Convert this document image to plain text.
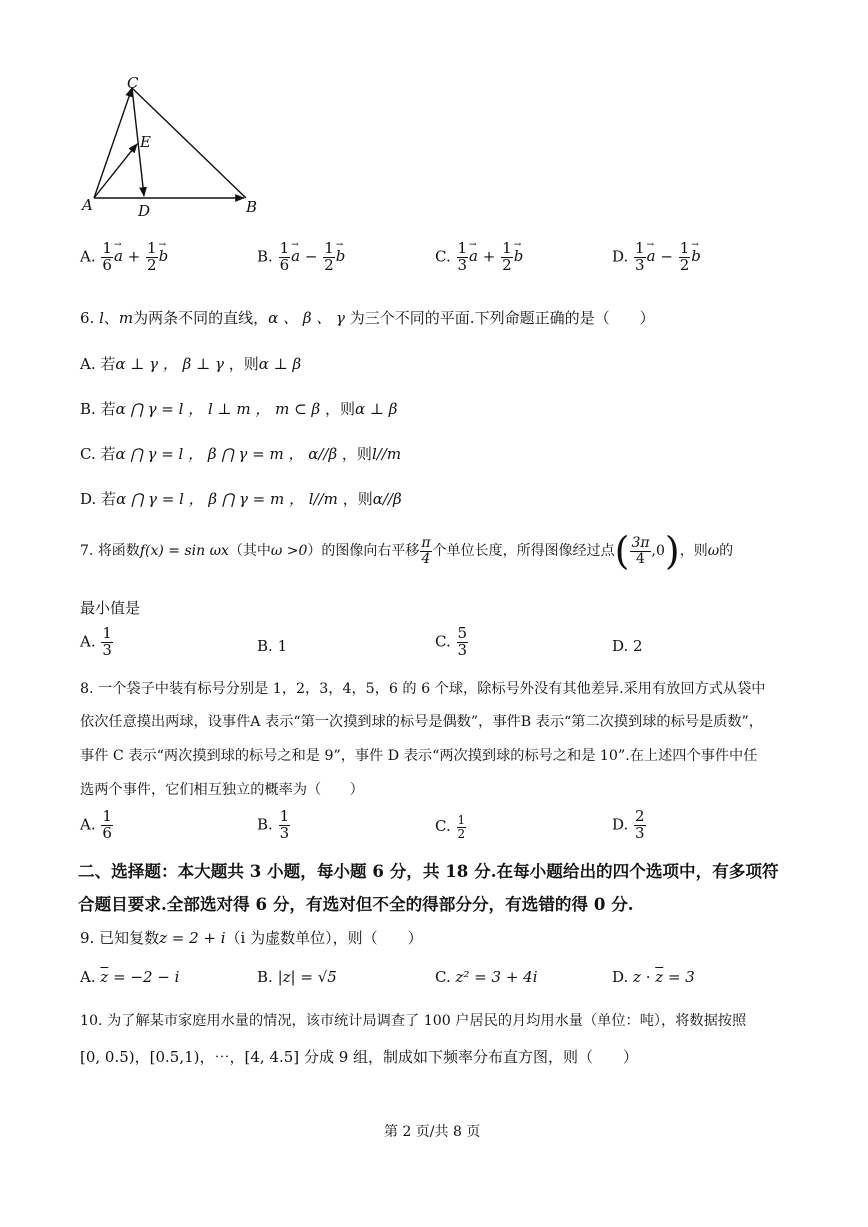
C
E
A	D	B
A. $\frac{1}{6} \to a + \frac{1}{2} \to b$	B. $\frac{1}{6} \to a - \frac{1}{2} \to b$	C. $\frac{1}{3} \to a + \frac{1}{2} \to b$	D. $\frac{1}{3} \to a - \frac{1}{2} \to b$
6. l、m为两条不同的直线，α 、 β 、 γ 为三个不同的平面.下列命题正确的是（　　）
A. 若α ⊥ γ ， β ⊥ γ ，则α ⊥ β
B. 若α ⋂ γ = l ， l ⊥ m ， m ⊂ β ，则α ⊥ β
C. 若α ⋂ γ = l ， β ⋂ γ = m ， α//β ，则l//m
D. 若α ⋂ γ = l ， β ⋂ γ = m ， l//m ，则α//β
7. 将函数f(x) = sin ωx（其中ω >0）的图像向右平移 $\frac{\pi}{4}$ 个单位长度，所得图像经过点( $\frac{3\pi}{4} ,0$)，则ω的
最小值是
A. $\frac{1}{3}$	B. 1	C. $\frac{5}{3}$	D. 2
8. 一个袋子中装有标号分别是 1，2，3，4，5，6 的 6 个球，除标号外没有其他差异.采用有放回方式从袋中
依次任意摸出两球，设事件A 表示“第一次摸到球的标号是偶数”，事件B 表示“第二次摸到球的标号是质数”，
事件 C 表示“两次摸到球的标号之和是 9”，事件 D 表示“两次摸到球的标号之和是 10”.在上述四个事件中任
选两个事件，它们相互独立的概率为（　　）
A. $\frac{1}{6}$	B. $\frac{1}{3}$	C. $\frac{1}{2}$	D. $\frac{2}{3}$
二、选择题：本大题共 3 小题，每小题 6 分，共 18 分.在每小题给出的四个选项中，有多项符
合题目要求.全部选对得 6 分，有选对但不全的得部分分，有选错的得 0 分.
9. 已知复数z = 2 + i（i 为虚数单位），则（　　）
A. $\overline{z} = -2 - i$	B. |z| = √5	C. z² = 3 + 4i	D. $z \cdot \overline{z} = 3$
10. 为了解某市家庭用水量的情况，该市统计局调查了 100 户居民的月均用水量（单位：吨），将数据按照
[0, 0.5)，[0.5,1)，⋯，[4, 4.5] 分成 9 组，制成如下频率分布直方图，则（　　）
第 2 页/共 8 页
